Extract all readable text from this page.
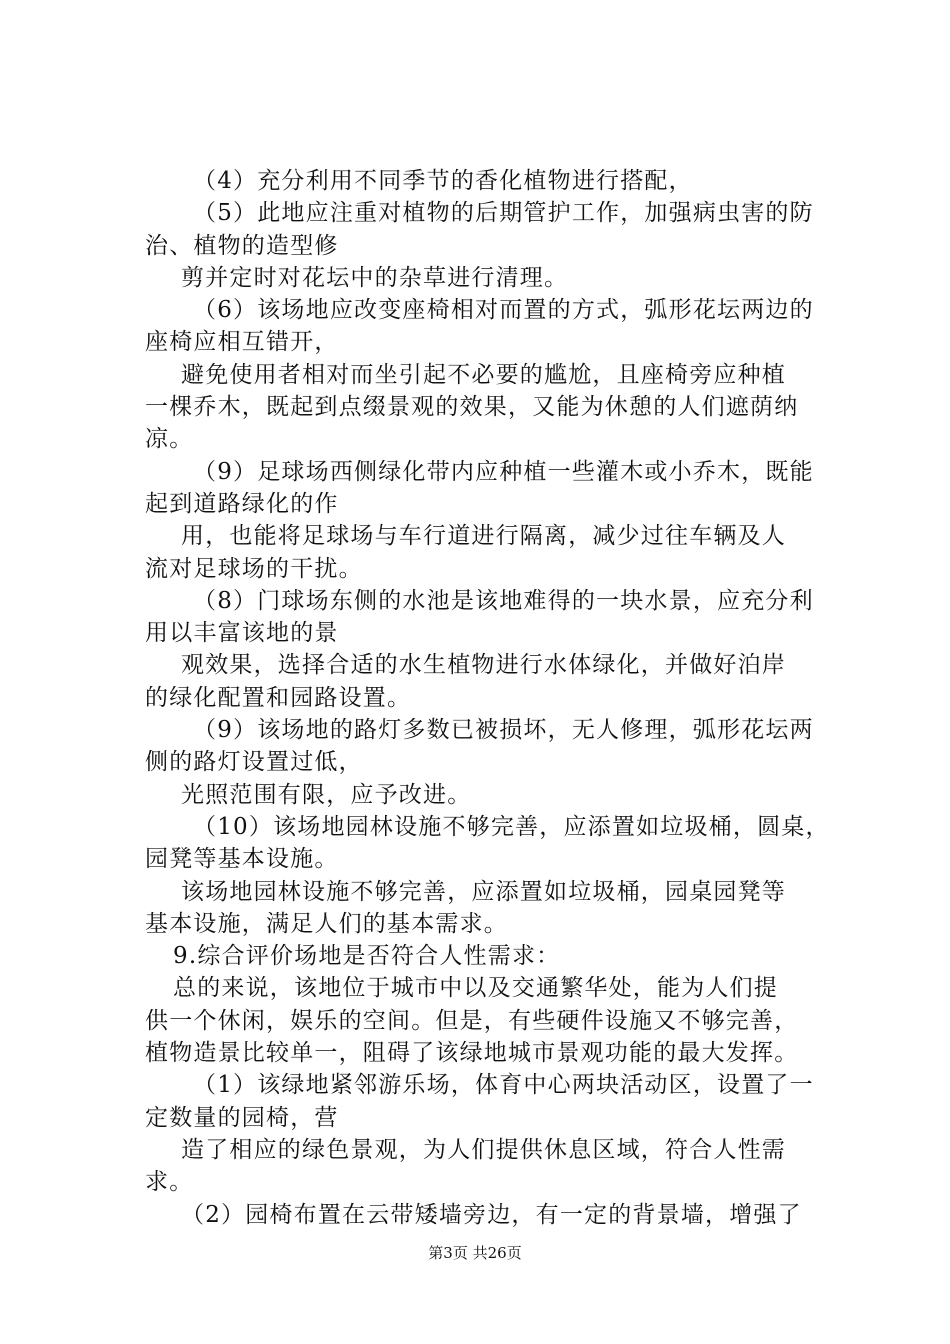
（4）充分利用不同季节的香化植物进行搭配，
（5）此地应注重对植物的后期管护工作，加强病虫害的防
治、植物的造型修
剪并定时对花坛中的杂草进行清理。
（6）该场地应改变座椅相对而置的方式，弧形花坛两边的
座椅应相互错开，
避免使用者相对而坐引起不必要的尴尬，且座椅旁应种植
一棵乔木，既起到点缀景观的效果，又能为休憩的人们遮荫纳
凉。
（9）足球场西侧绿化带内应种植一些灌木或小乔木，既能
起到道路绿化的作
用，也能将足球场与车行道进行隔离，减少过往车辆及人
流对足球场的干扰。
（8）门球场东侧的水池是该地难得的一块水景，应充分利
用以丰富该地的景
观效果，选择合适的水生植物进行水体绿化，并做好泊岸
的绿化配置和园路设置。
（9）该场地的路灯多数已被损坏，无人修理，弧形花坛两
侧的路灯设置过低，
光照范围有限，应予改进。
（10）该场地园林设施不够完善，应添置如垃圾桶，圆桌，
园凳等基本设施。
该场地园林设施不够完善，应添置如垃圾桶，园桌园凳等
基本设施，满足人们的基本需求。
9.综合评价场地是否符合人性需求：
总的来说，该地位于城市中以及交通繁华处，能为人们提
供一个休闲，娱乐的空间。但是，有些硬件设施又不够完善，
植物造景比较单一，阻碍了该绿地城市景观功能的最大发挥。
（1）该绿地紧邻游乐场，体育中心两块活动区，设置了一
定数量的园椅，营
造了相应的绿色景观，为人们提供休息区域，符合人性需
求。
（2）园椅布置在云带矮墙旁边，有一定的背景墙，增强了
第3页 共26页
